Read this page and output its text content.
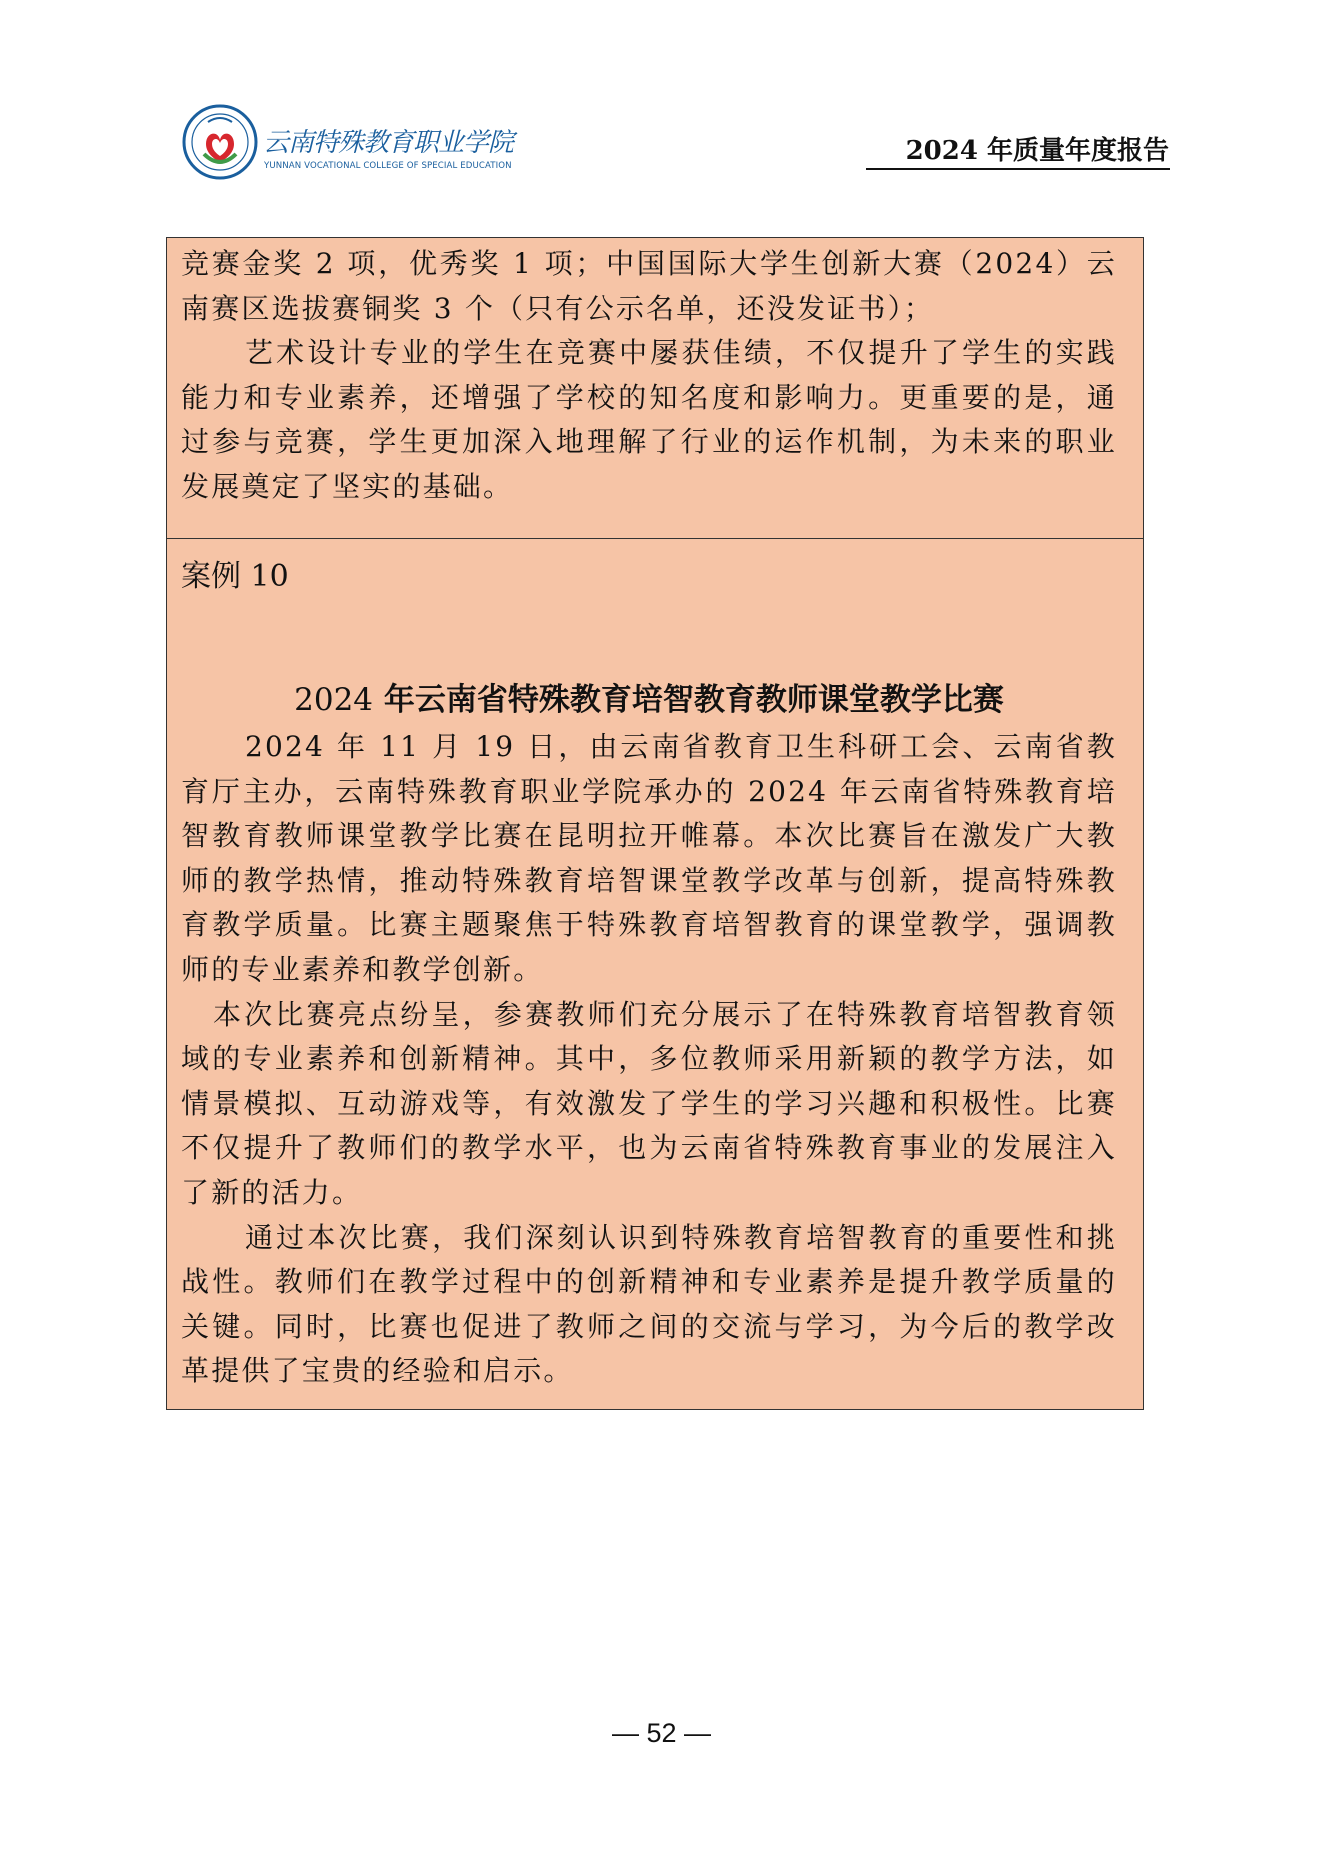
云南特殊教育职业学院
YUNNAN VOCATIONAL COLLEGE OF SPECIAL EDUCATION	2024 年质量年度报告

竞赛金奖 2 项，优秀奖 1 项；中国国际大学生创新大赛（2024）云南赛区选拔赛铜奖 3 个（只有公示名单，还没发证书）；

艺术设计专业的学生在竞赛中屡获佳绩，不仅提升了学生的实践能力和专业素养，还增强了学校的知名度和影响力。更重要的是，通过参与竞赛，学生更加深入地理解了行业的运作机制，为未来的职业发展奠定了坚实的基础。

案例 10

2024 年云南省特殊教育培智教育教师课堂教学比赛

2024 年 11 月 19 日，由云南省教育卫生科研工会、云南省教育厅主办，云南特殊教育职业学院承办的 2024 年云南省特殊教育培智教育教师课堂教学比赛在昆明拉开帷幕。本次比赛旨在激发广大教师的教学热情，推动特殊教育培智课堂教学改革与创新，提高特殊教育教学质量。比赛主题聚焦于特殊教育培智教育的课堂教学，强调教师的专业素养和教学创新。

本次比赛亮点纷呈，参赛教师们充分展示了在特殊教育培智教育领域的专业素养和创新精神。其中，多位教师采用新颖的教学方法，如情景模拟、互动游戏等，有效激发了学生的学习兴趣和积极性。比赛不仅提升了教师们的教学水平，也为云南省特殊教育事业的发展注入了新的活力。

通过本次比赛，我们深刻认识到特殊教育培智教育的重要性和挑战性。教师们在教学过程中的创新精神和专业素养是提升教学质量的关键。同时，比赛也促进了教师之间的交流与学习，为今后的教学改革提供了宝贵的经验和启示。

— 52 —
